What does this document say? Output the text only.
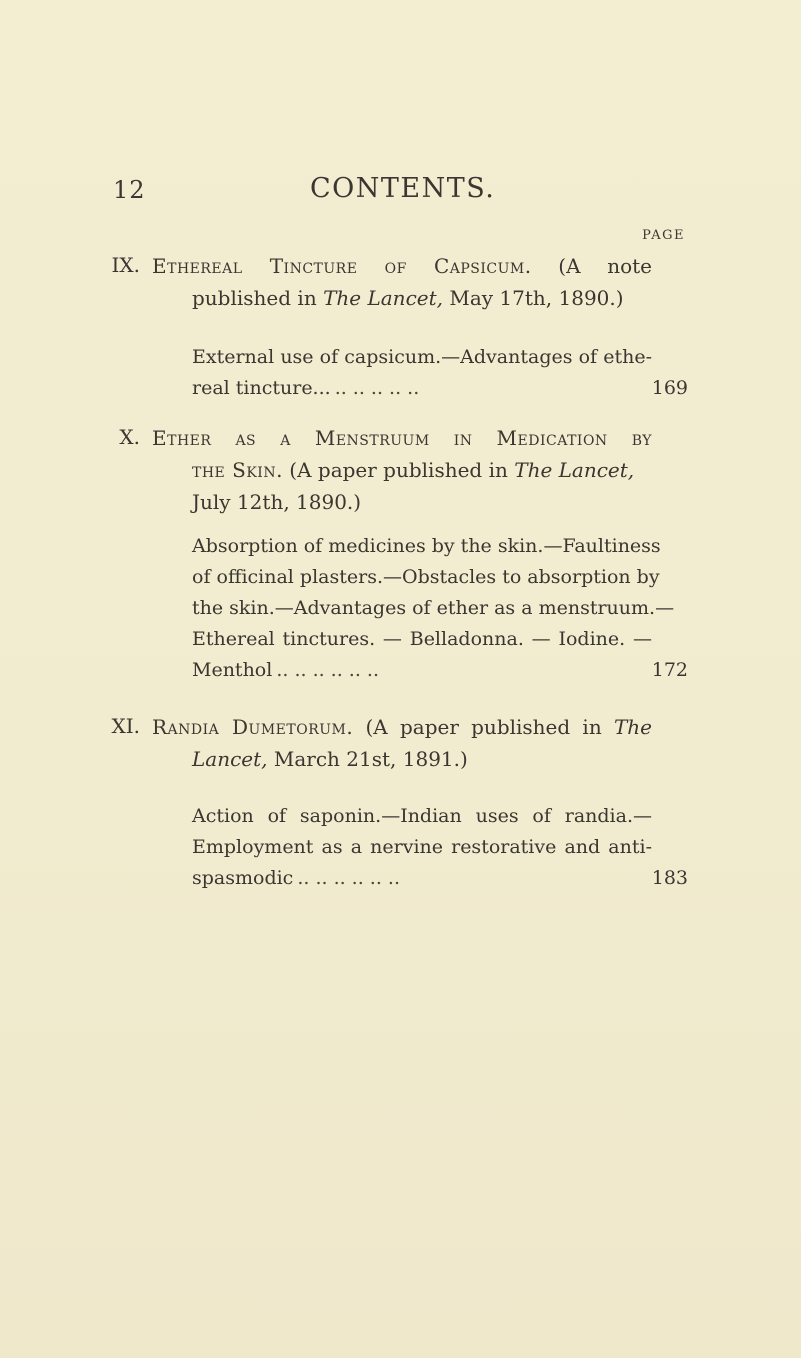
12	CONTENTS.
PAGE
IX. Ethereal Tincture of Capsicum. (A note
published in The Lancet, May 17th, 1890.)
External use of capsicum.—Advantages of ethe-
real tincture... .. .. .. .. ..	169
X. Ether as a Menstruum in Medication by
the Skin. (A paper published in The Lancet,
July 12th, 1890.)
Absorption of medicines by the skin.—Faultiness
of officinal plasters.—Obstacles to absorption by
the skin.—Advantages of ether as a menstruum.—
Ethereal tinctures. — Belladonna. — Iodine. —
Menthol .. .. .. .. .. ..	172
XI. Randia Dumetorum. (A paper published in The
Lancet, March 21st, 1891.)
Action of saponin.—Indian uses of randia.—
Employment as a nervine restorative and anti-
spasmodic .. .. .. .. .. ..	183
